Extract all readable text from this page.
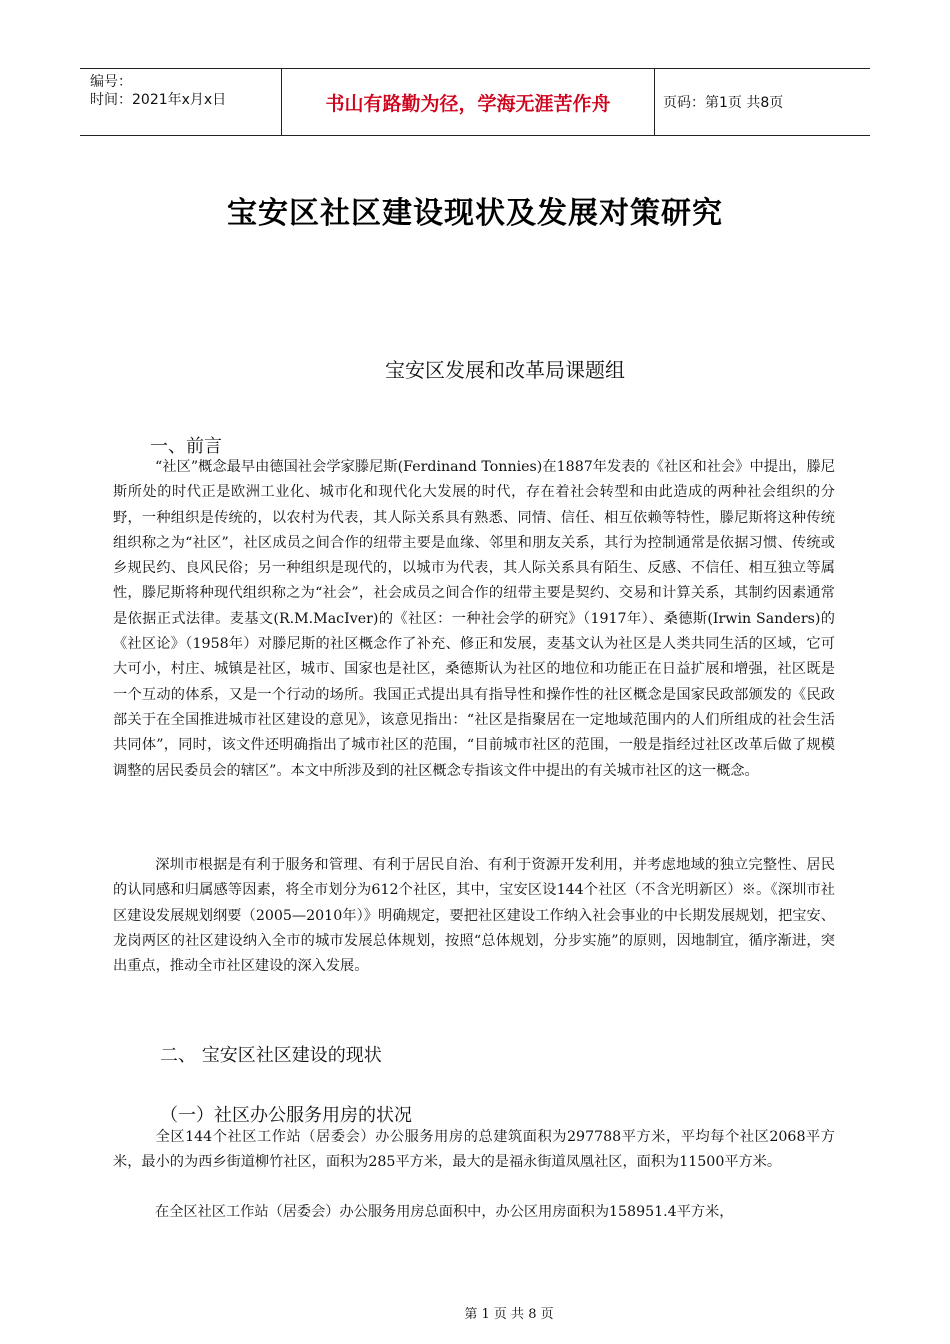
编号：
时间：2021年x月x日	书山有路勤为径，学海无涯苦作舟	页码：第1页 共8页
宝安区社区建设现状及发展对策研究
宝安区发展和改革局课题组
一、前言

“社区”概念最早由德国社会学家滕尼斯(Ferdinand Tonnies)在1887年发表的《社区和社会》中提出，滕尼斯所处的时代正是欧洲工业化、城市化和现代化大发展的时代，存在着社会转型和由此造成的两种社会组织的分野，一种组织是传统的，以农村为代表，其人际关系具有熟悉、同情、信任、相互依赖等特性，滕尼斯将这种传统组织称之为“社区”，社区成员之间合作的纽带主要是血缘、邻里和朋友关系，其行为控制通常是依据习惯、传统或乡规民约、良风民俗；另一种组织是现代的，以城市为代表，其人际关系具有陌生、反感、不信任、相互独立等属性，滕尼斯将种现代组织称之为“社会”，社会成员之间合作的纽带主要是契约、交易和计算关系，其制约因素通常是依据正式法律。麦基文(R.M.MacIver)的《社区：一种社会学的研究》（1917年）、桑德斯(Irwin Sanders)的《社区论》（1958年）对滕尼斯的社区概念作了补充、修正和发展，麦基文认为社区是人类共同生活的区域，它可大可小，村庄、城镇是社区，城市、国家也是社区，桑德斯认为社区的地位和功能正在日益扩展和增强，社区既是一个互动的体系，又是一个行动的场所。我国正式提出具有指导性和操作性的社区概念是国家民政部颁发的《民政部关于在全国推进城市社区建设的意见》，该意见指出：“社区是指聚居在一定地域范围内的人们所组成的社会生活共同体”，同时，该文件还明确指出了城市社区的范围，“目前城市社区的范围，一般是指经过社区改革后做了规模调整的居民委员会的辖区”。本文中所涉及到的社区概念专指该文件中提出的有关城市社区的这一概念。

深圳市根据是有利于服务和管理、有利于居民自治、有利于资源开发利用，并考虑地域的独立完整性、居民的认同感和归属感等因素，将全市划分为612个社区，其中，宝安区设144个社区（不含光明新区）※。《深圳市社区建设发展规划纲要（2005—2010年）》明确规定，要把社区建设工作纳入社会事业的中长期发展规划，把宝安、龙岗两区的社区建设纳入全市的城市发展总体规划，按照“总体规划，分步实施”的原则，因地制宜，循序渐进，突出重点，推动全市社区建设的深入发展。

二、 宝安区社区建设的现状
（一）社区办公服务用房的状况

全区144个社区工作站（居委会）办公服务用房的总建筑面积为297788平方米，平均每个社区2068平方米，最小的为西乡街道柳竹社区，面积为285平方米，最大的是福永街道凤凰社区，面积为11500平方米。

在全区社区工作站（居委会）办公服务用房总面积中，办公区用房面积为158951.4平方米，

第 1 页 共 8 页
